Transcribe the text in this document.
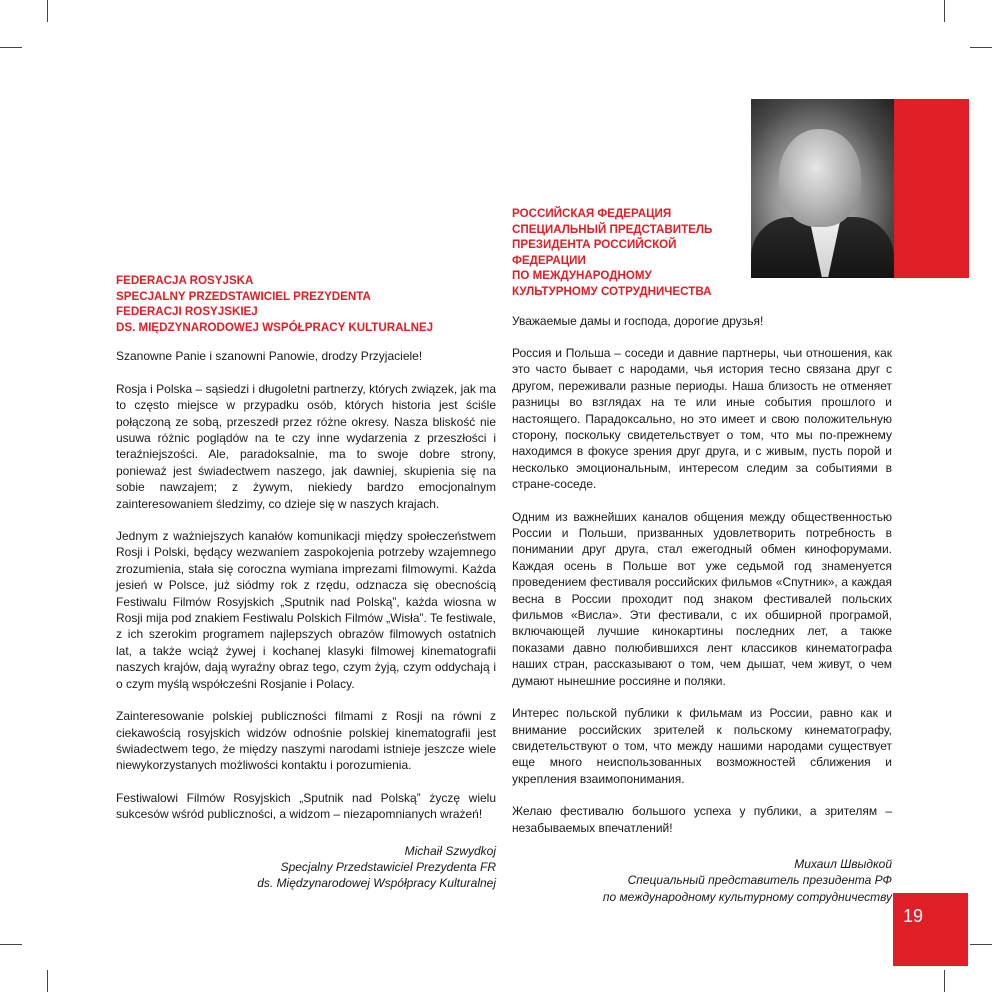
FEDERACJA ROSYJSKA
SPECJALNY PRZEDSTAWICIEL PREZYDENTA
FEDERACJI ROSYJSKIEJ
DS. MIĘDZYNARODOWEJ WSPÓŁPRACY KULTURALNEJ

Szanowne Panie i szanowni Panowie, drodzy Przyjaciele!

Rosja i Polska – sąsiedzi i długoletni partnerzy, których związek, jak ma to często miejsce w przypadku osób, których historia jest ściśle połączoną ze sobą, przeszedł przez różne okresy. Nasza bliskość nie usuwa różnic poglądów na te czy inne wydarzenia z przeszłości i teraźniejszości. Ale, paradoksalnie, ma to swoje dobre strony, ponieważ jest świadectwem naszego, jak dawniej, skupienia się na sobie nawzajem; z żywym, niekiedy bardzo emocjonalnym zainteresowaniem śledzimy, co dzieje się w naszych krajach.

Jednym z ważniejszych kanałów komunikacji między społeczeństwem Rosji i Polski, będący wezwaniem zaspokojenia potrzeby wzajemnego zrozumienia, stała się coroczna wymiana imprezami filmowymi. Każda jesień w Polsce, już siódmy rok z rzędu, odznacza się obecnością Festiwalu Filmów Rosyjskich „Sputnik nad Polską”, każda wiosna w Rosji mija pod znakiem Festiwalu Polskich Filmów „Wisła”. Te festiwale, z ich szerokim programem najlepszych obrazów filmowych ostatnich lat, a także wciąż żywej i kochanej klasyki filmowej kinematografii naszych krajów, dają wyraźny obraz tego, czym żyją, czym oddychają i o czym myślą współcześni Rosjanie i Polacy.

Zainteresowanie polskiej publiczności filmami z Rosji na równi z ciekawością rosyjskich widzów odnośnie polskiej kinematografii jest świadectwem tego, że między naszymi narodami istnieje jeszcze wiele niewykorzystanych możliwości kontaktu i porozumienia.

Festiwalowi Filmów Rosyjskich „Sputnik nad Polską” życzę wielu sukcesów wśród publiczności, a widzom – niezapomnianych wrażeń!

Michaił Szwydkoj
Specjalny Przedstawiciel Prezydenta FR
ds. Międzynarodowej Współpracy Kulturalnej
РОССИЙСКАЯ ФЕДЕРАЦИЯ
СПЕЦИАЛЬНЫЙ ПРЕДСТАВИТЕЛЬ
ПРЕЗИДЕНТА РОССИЙСКОЙ
ФЕДЕРАЦИИ
ПО МЕЖДУНАРОДНОМУ
КУЛЬТУРНОМУ СОТРУДНИЧЕСТВА

Уважаемые дамы и господа, дорогие друзья!

Россия и Польша – соседи и давние партнеры, чьи отношения, как это часто бывает с народами, чья история тесно связана друг с другом, переживали разные периоды. Наша близость не отменяет разницы во взглядах на те или иные события прошлого и настоящего. Парадоксально, но это имеет и свою положительную сторону, поскольку свидетельствует о том, что мы по-прежнему находимся в фокусе зрения друг друга, и с живым, пусть порой и несколько эмоциональным, интересом следим за событиями в стране-соседе.

Одним из важнейших каналов общения между общественностью России и Польши, призванных удовлетворить потребность в понимании друг друга, стал ежегодный обмен кинофорумами. Каждая осень в Польше вот уже седьмой год знаменуется проведением фестиваля российских фильмов «Спутник», а каждая весна в России проходит под знаком фестивалей польских фильмов «Висла». Эти фестивали, с их обширной програмой, включающей лучшие кинокартины последних лет, а также показами давно полюбившихся лент классиков кинематографа наших стран, рассказывают о том, чем дышат, чем живут, о чем думают нынешние россияне и поляки.

Интерес польской публики к фильмам из России, равно как и внимание российских зрителей к польскому кинематографу, свидетельствуют о том, что между нашими народами существует еще много неиспользованных возможностей сближения и укрепления взаимопонимания.

Желаю фестивалю большого успеха у публики, а зрителям – незабываемых впечатлений!

Михаил Швыдкой
Специальный представитель президента РФ
по международному культурному сотрудничеству
19
